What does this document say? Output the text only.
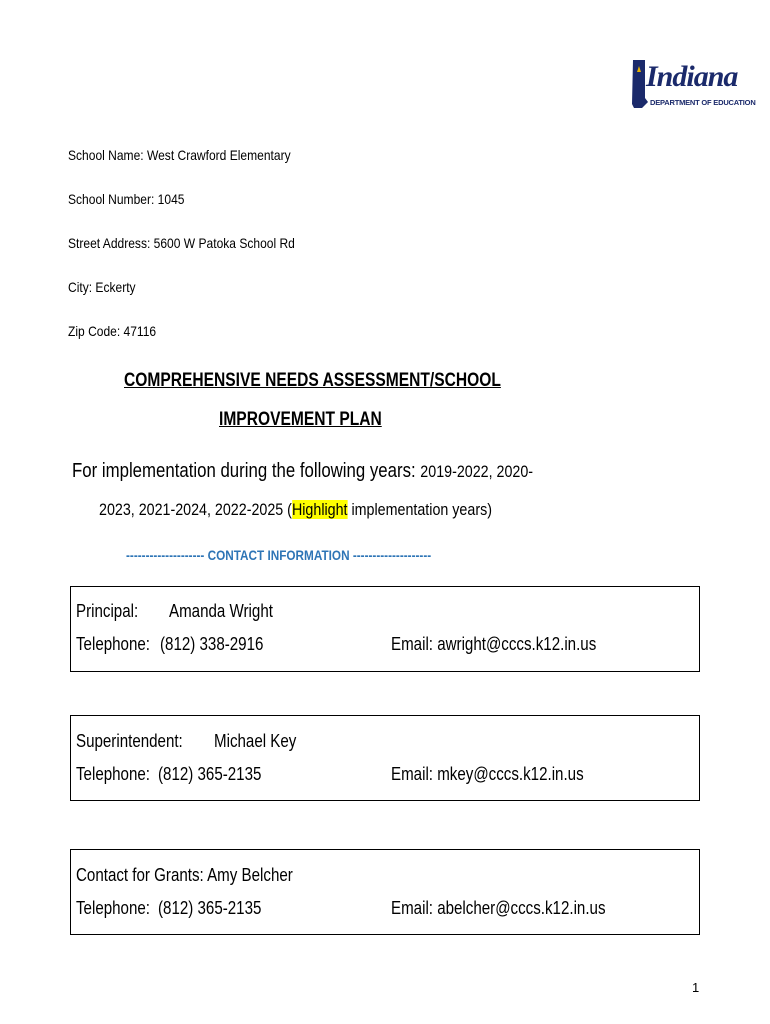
Indiana
DEPARTMENT OF EDUCATION
School Name: West Crawford Elementary
School Number: 1045
Street Address: 5600 W Patoka School Rd
City: Eckerty
Zip Code: 47116
COMPREHENSIVE NEEDS ASSESSMENT/SCHOOL
IMPROVEMENT PLAN
For implementation during the following years: 2019-2022, 2020-
2023, 2021-2024, 2022-2025 (Highlight implementation years)
-------------------- CONTACT INFORMATION --------------------
Principal: Amanda Wright
Telephone: (812) 338-2916	Email: awright@cccs.k12.in.us
Superintendent: Michael Key
Telephone: (812) 365-2135	Email: mkey@cccs.k12.in.us
Contact for Grants: Amy Belcher
Telephone: (812) 365-2135	Email: abelcher@cccs.k12.in.us
1
